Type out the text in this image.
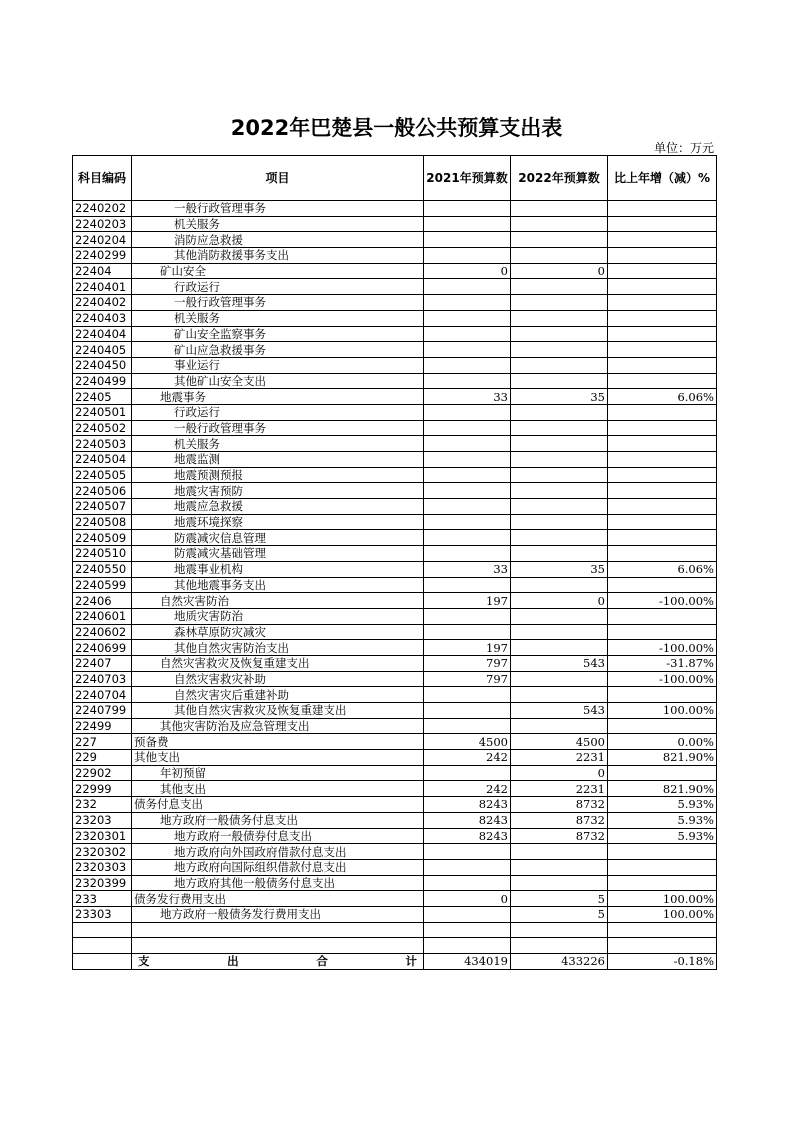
2022年巴楚县一般公共预算支出表
单位：万元
科目编码	项目	2021年预算数	2022年预算数	比上年增（减）%
2240202	一般行政管理事务			
2240203	机关服务			
2240204	消防应急救援			
2240299	其他消防救援事务支出			
22404	矿山安全	0	0	
2240401	行政运行			
2240402	一般行政管理事务			
2240403	机关服务			
2240404	矿山安全监察事务			
2240405	矿山应急救援事务			
2240450	事业运行			
2240499	其他矿山安全支出			
22405	地震事务	33	35	6.06%
2240501	行政运行			
2240502	一般行政管理事务			
2240503	机关服务			
2240504	地震监测			
2240505	地震预测预报			
2240506	地震灾害预防			
2240507	地震应急救援			
2240508	地震环境探察			
2240509	防震减灾信息管理			
2240510	防震减灾基础管理			
2240550	地震事业机构	33	35	6.06%
2240599	其他地震事务支出			
22406	自然灾害防治	197	0	-100.00%
2240601	地质灾害防治			
2240602	森林草原防灾减灾			
2240699	其他自然灾害防治支出	197		-100.00%
22407	自然灾害救灾及恢复重建支出	797	543	-31.87%
2240703	自然灾害救灾补助	797		-100.00%
2240704	自然灾害灾后重建补助			
2240799	其他自然灾害救灾及恢复重建支出		543	100.00%
22499	其他灾害防治及应急管理支出			
227	预备费	4500	4500	0.00%
229	其他支出	242	2231	821.90%
22902	年初预留		0	
22999	其他支出	242	2231	821.90%
232	债务付息支出	8243	8732	5.93%
23203	地方政府一般债务付息支出	8243	8732	5.93%
2320301	地方政府一般债券付息支出	8243	8732	5.93%
2320302	地方政府向外国政府借款付息支出			
2320303	地方政府向国际组织借款付息支出			
2320399	地方政府其他一般债务付息支出			
233	债务发行费用支出	0	5	100.00%
23303	地方政府一般债务发行费用支出		5	100.00%

	支 出 合 计	434019	433226	-0.18%
